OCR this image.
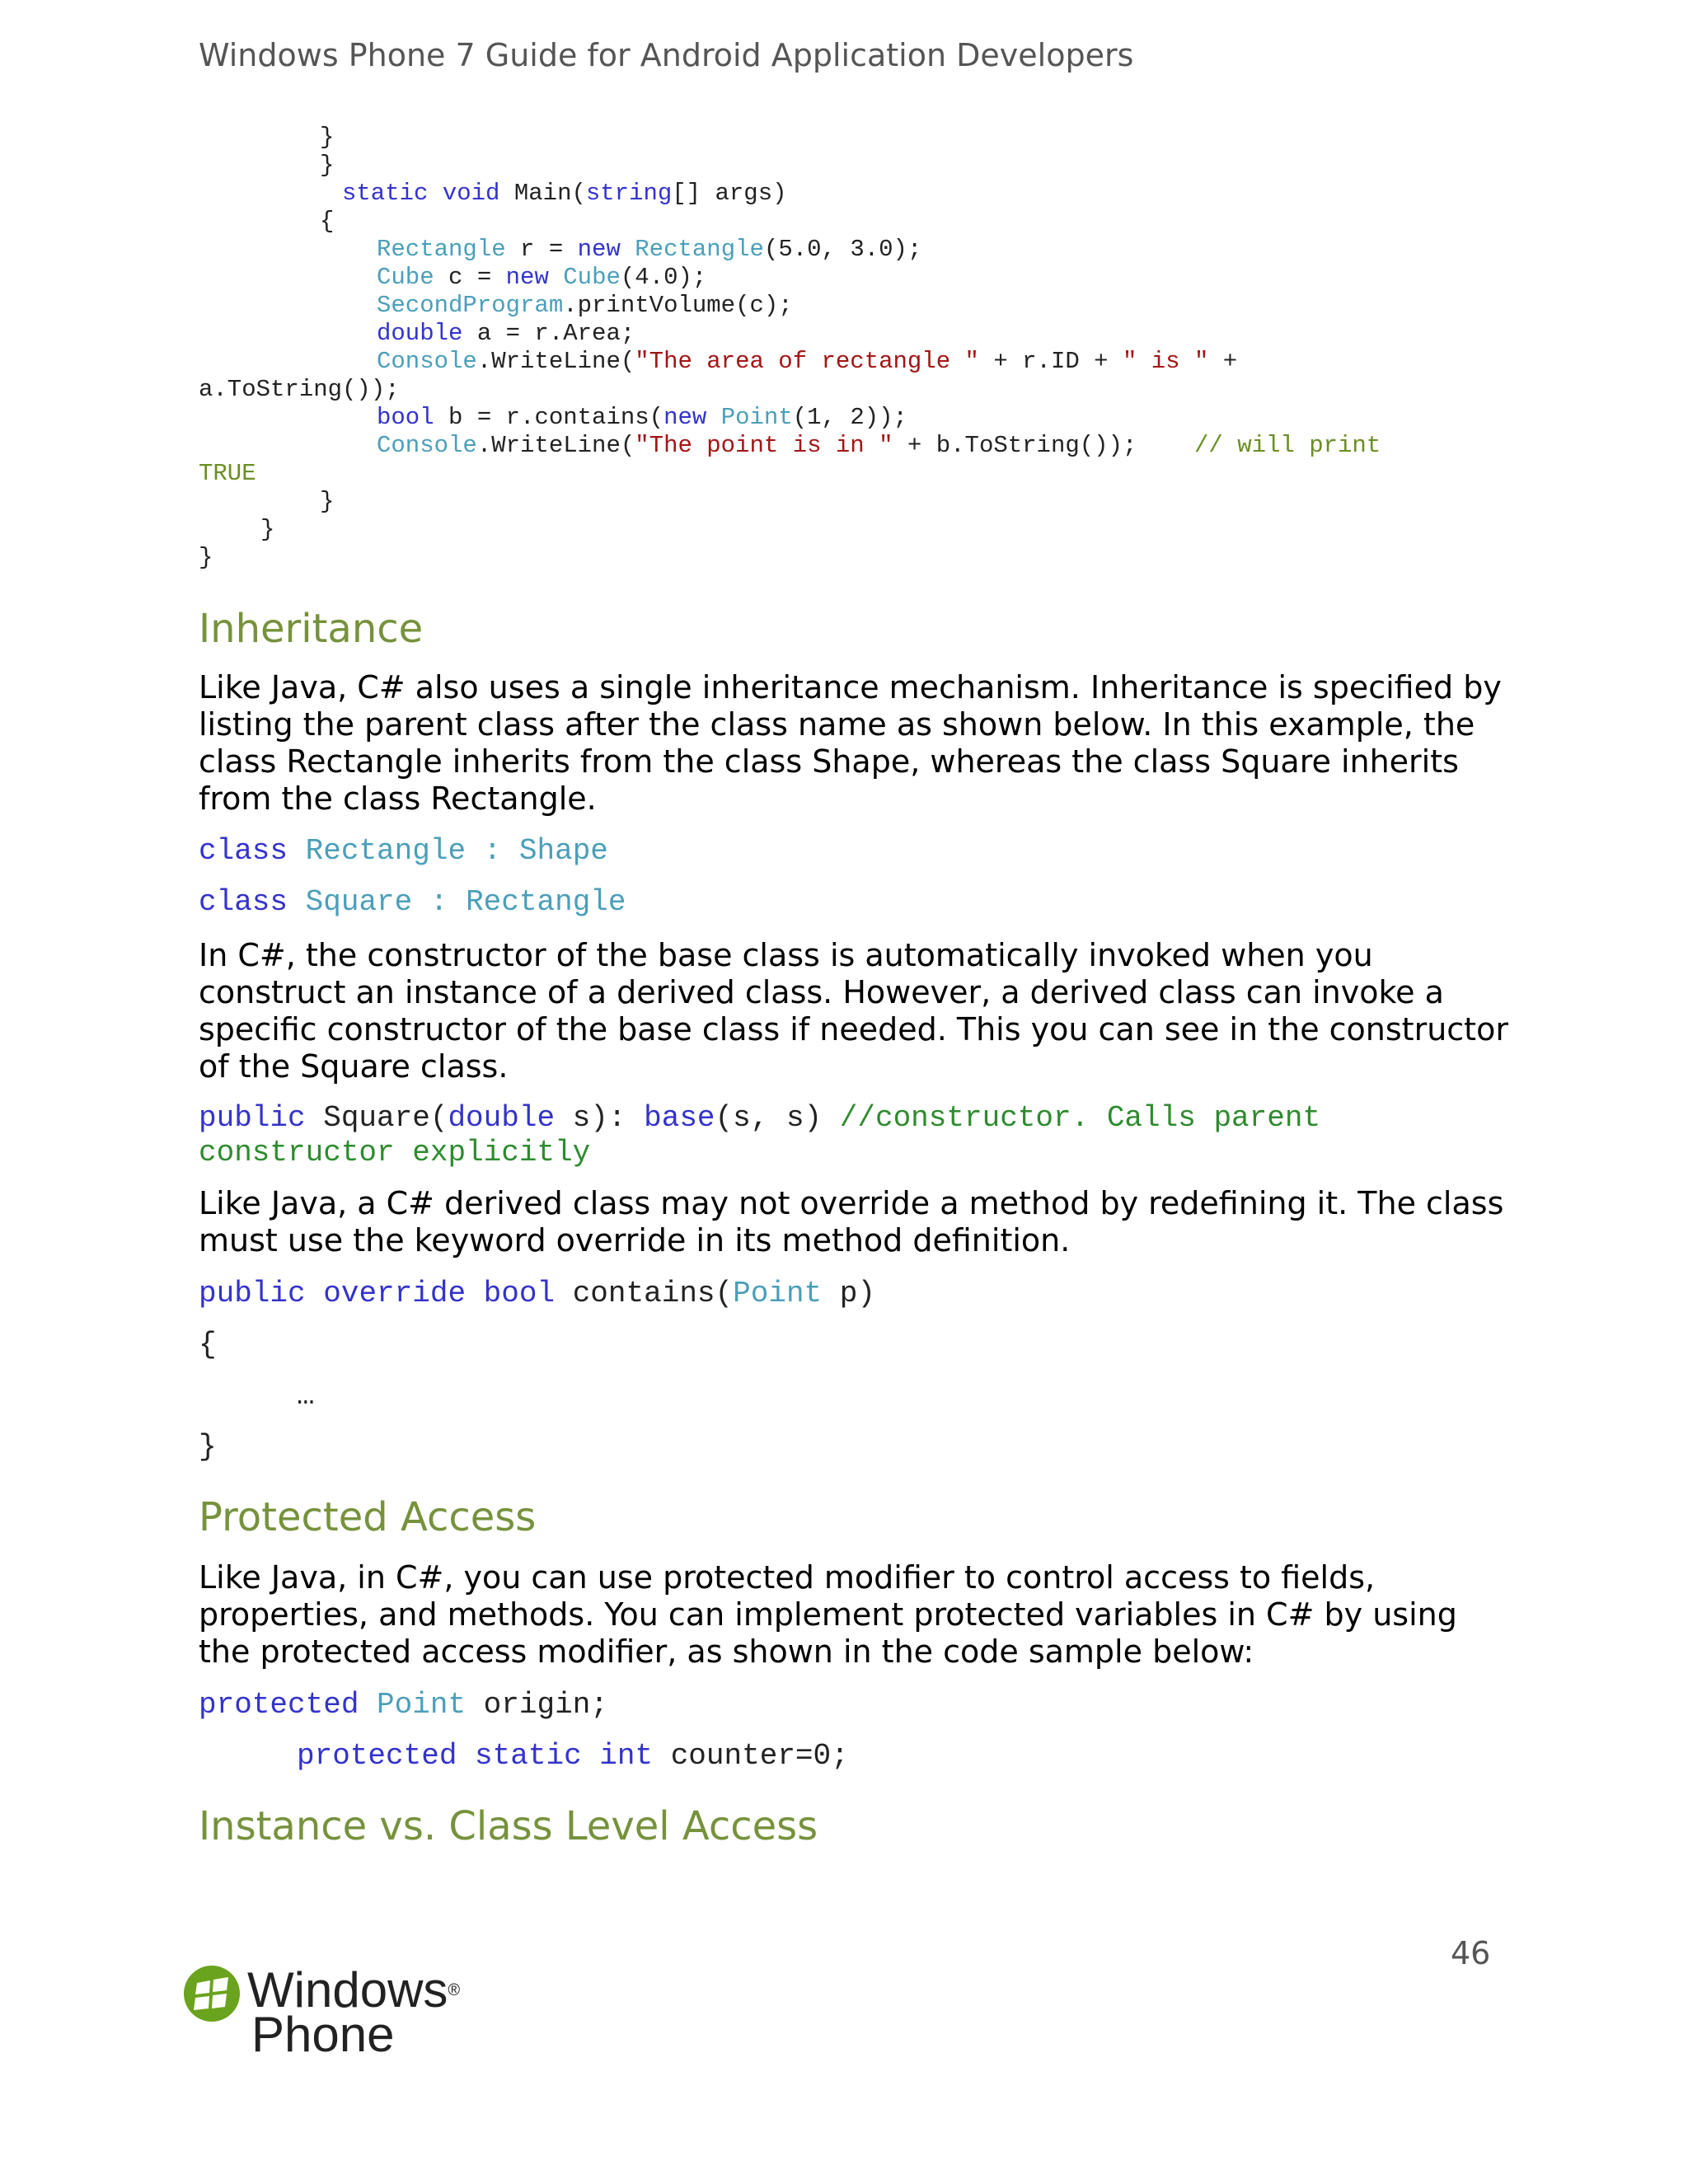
Windows Phone 7 Guide for Android Application Developers
}
}
static void Main(string[] args)
{
Rectangle r = new Rectangle(5.0, 3.0);
Cube c = new Cube(4.0);
SecondProgram.printVolume(c);
double a = r.Area;
Console.WriteLine("The area of rectangle " + r.ID + " is " +
a.ToString());
bool b = r.contains(new Point(1, 2));
Console.WriteLine("The point is in " + b.ToString());    // will print
TRUE
}
}
}
Inheritance
Like Java, C# also uses a single inheritance mechanism. Inheritance is specified by listing the parent class after the class name as shown below. In this example, the class Rectangle inherits from the class Shape, whereas the class Square inherits from the class Rectangle.
class Rectangle : Shape
class Square : Rectangle
In C#, the constructor of the base class is automatically invoked when you construct an instance of a derived class. However, a derived class can invoke a specific constructor of the base class if needed. This you can see in the constructor of the Square class.
public Square(double s): base(s, s) //constructor. Calls parent
constructor explicitly
Like Java, a C# derived class may not override a method by redefining it. The class must use the keyword override in its method definition.
public override bool contains(Point p)
{
…
}
Protected Access
Like Java, in C#, you can use protected modifier to control access to fields, properties, and methods. You can implement protected variables in C# by using the protected access modifier, as shown in the code sample below:
protected Point origin;
protected static int counter=0;
Instance vs. Class Level Access
46
Windows®
Phone
